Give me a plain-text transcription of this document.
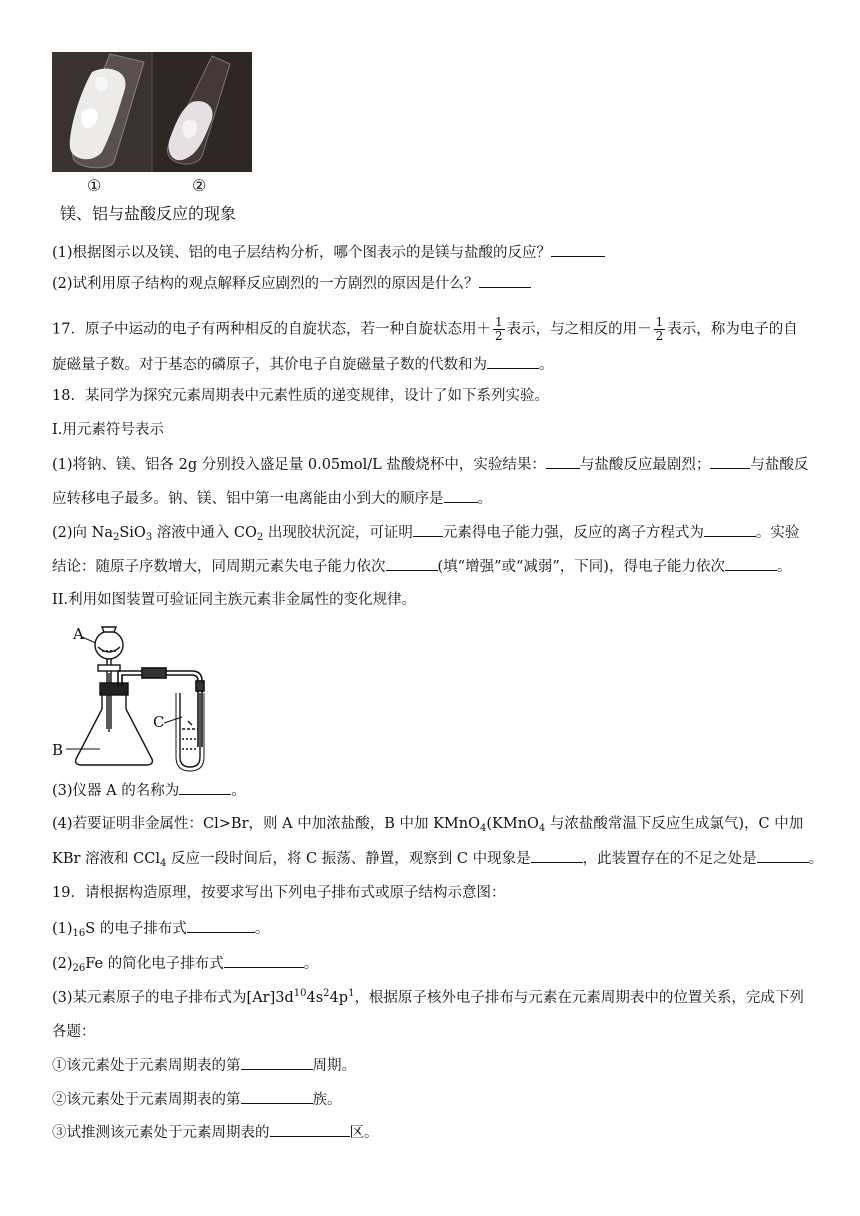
①	②
镁、铝与盐酸反应的现象
(1)根据图示以及镁、铝的电子层结构分析，哪个图表示的是镁与盐酸的反应？
(2)试利用原子结构的观点解释反应剧烈的一方剧烈的原因是什么？
17．原子中运动的电子有两种相反的自旋状态，若一种自旋状态用＋ $\frac{1}{2}$ 表示，与之相反的用－ $\frac{1}{2}$ 表示，称为电子的自
旋磁量子数。对于基态的磷原子，其价电子自旋磁量子数的代数和为	。
18．某同学为探究元素周期表中元素性质的递变规律，设计了如下系列实验。
I.用元素符号表示
(1)将钠、镁、铝各 2g 分别投入盛足量 0.05mol/L 盐酸烧杯中，实验结果： 与盐酸反应最剧烈；	与盐酸反
应转移电子最多。钠、镁、铝中第一电离能由小到大的顺序是 。
(2)向 $Na_2SiO_3$ 溶液中通入 $CO_2$ 出现胶状沉淀，可证明 元素得电子能力强，反应的离子方程式为	。实验
结论：随原子序数增大，同周期元素失电子能力依次	(填“增强”或“减弱”，下同)，得电子能力依次	。
II.利用如图装置可验证同主族元素非金属性的变化规律。
A
B
C
(3)仪器 A 的名称为	。
(4)若要证明非金属性：Cl>Br，则 A 中加浓盐酸，B 中加 KMnO$_4$(KMnO$_4$ 与浓盐酸常温下反应生成氯气)，C 中加
KBr 溶液和 CCl$_4$ 反应一段时间后，将 C 振荡、静置，观察到 C 中现象是	，此装置存在的不足之处是	。
19．请根据构造原理，按要求写出下列电子排布式或原子结构示意图：
$(1)_{16}S$ 的电子排布式	。
$(2)_{26}Fe$ 的简化电子排布式	。
(3)某元素原子的电子排布式为$[Ar]3d^{10}4s^24p^1$，根据原子核外电子排布与元素在元素周期表中的位置关系，完成下列
各题：
①该元素处于元素周期表的第	周期。
②该元素处于元素周期表的第	族。
③试推测该元素处于元素周期表的	区。
